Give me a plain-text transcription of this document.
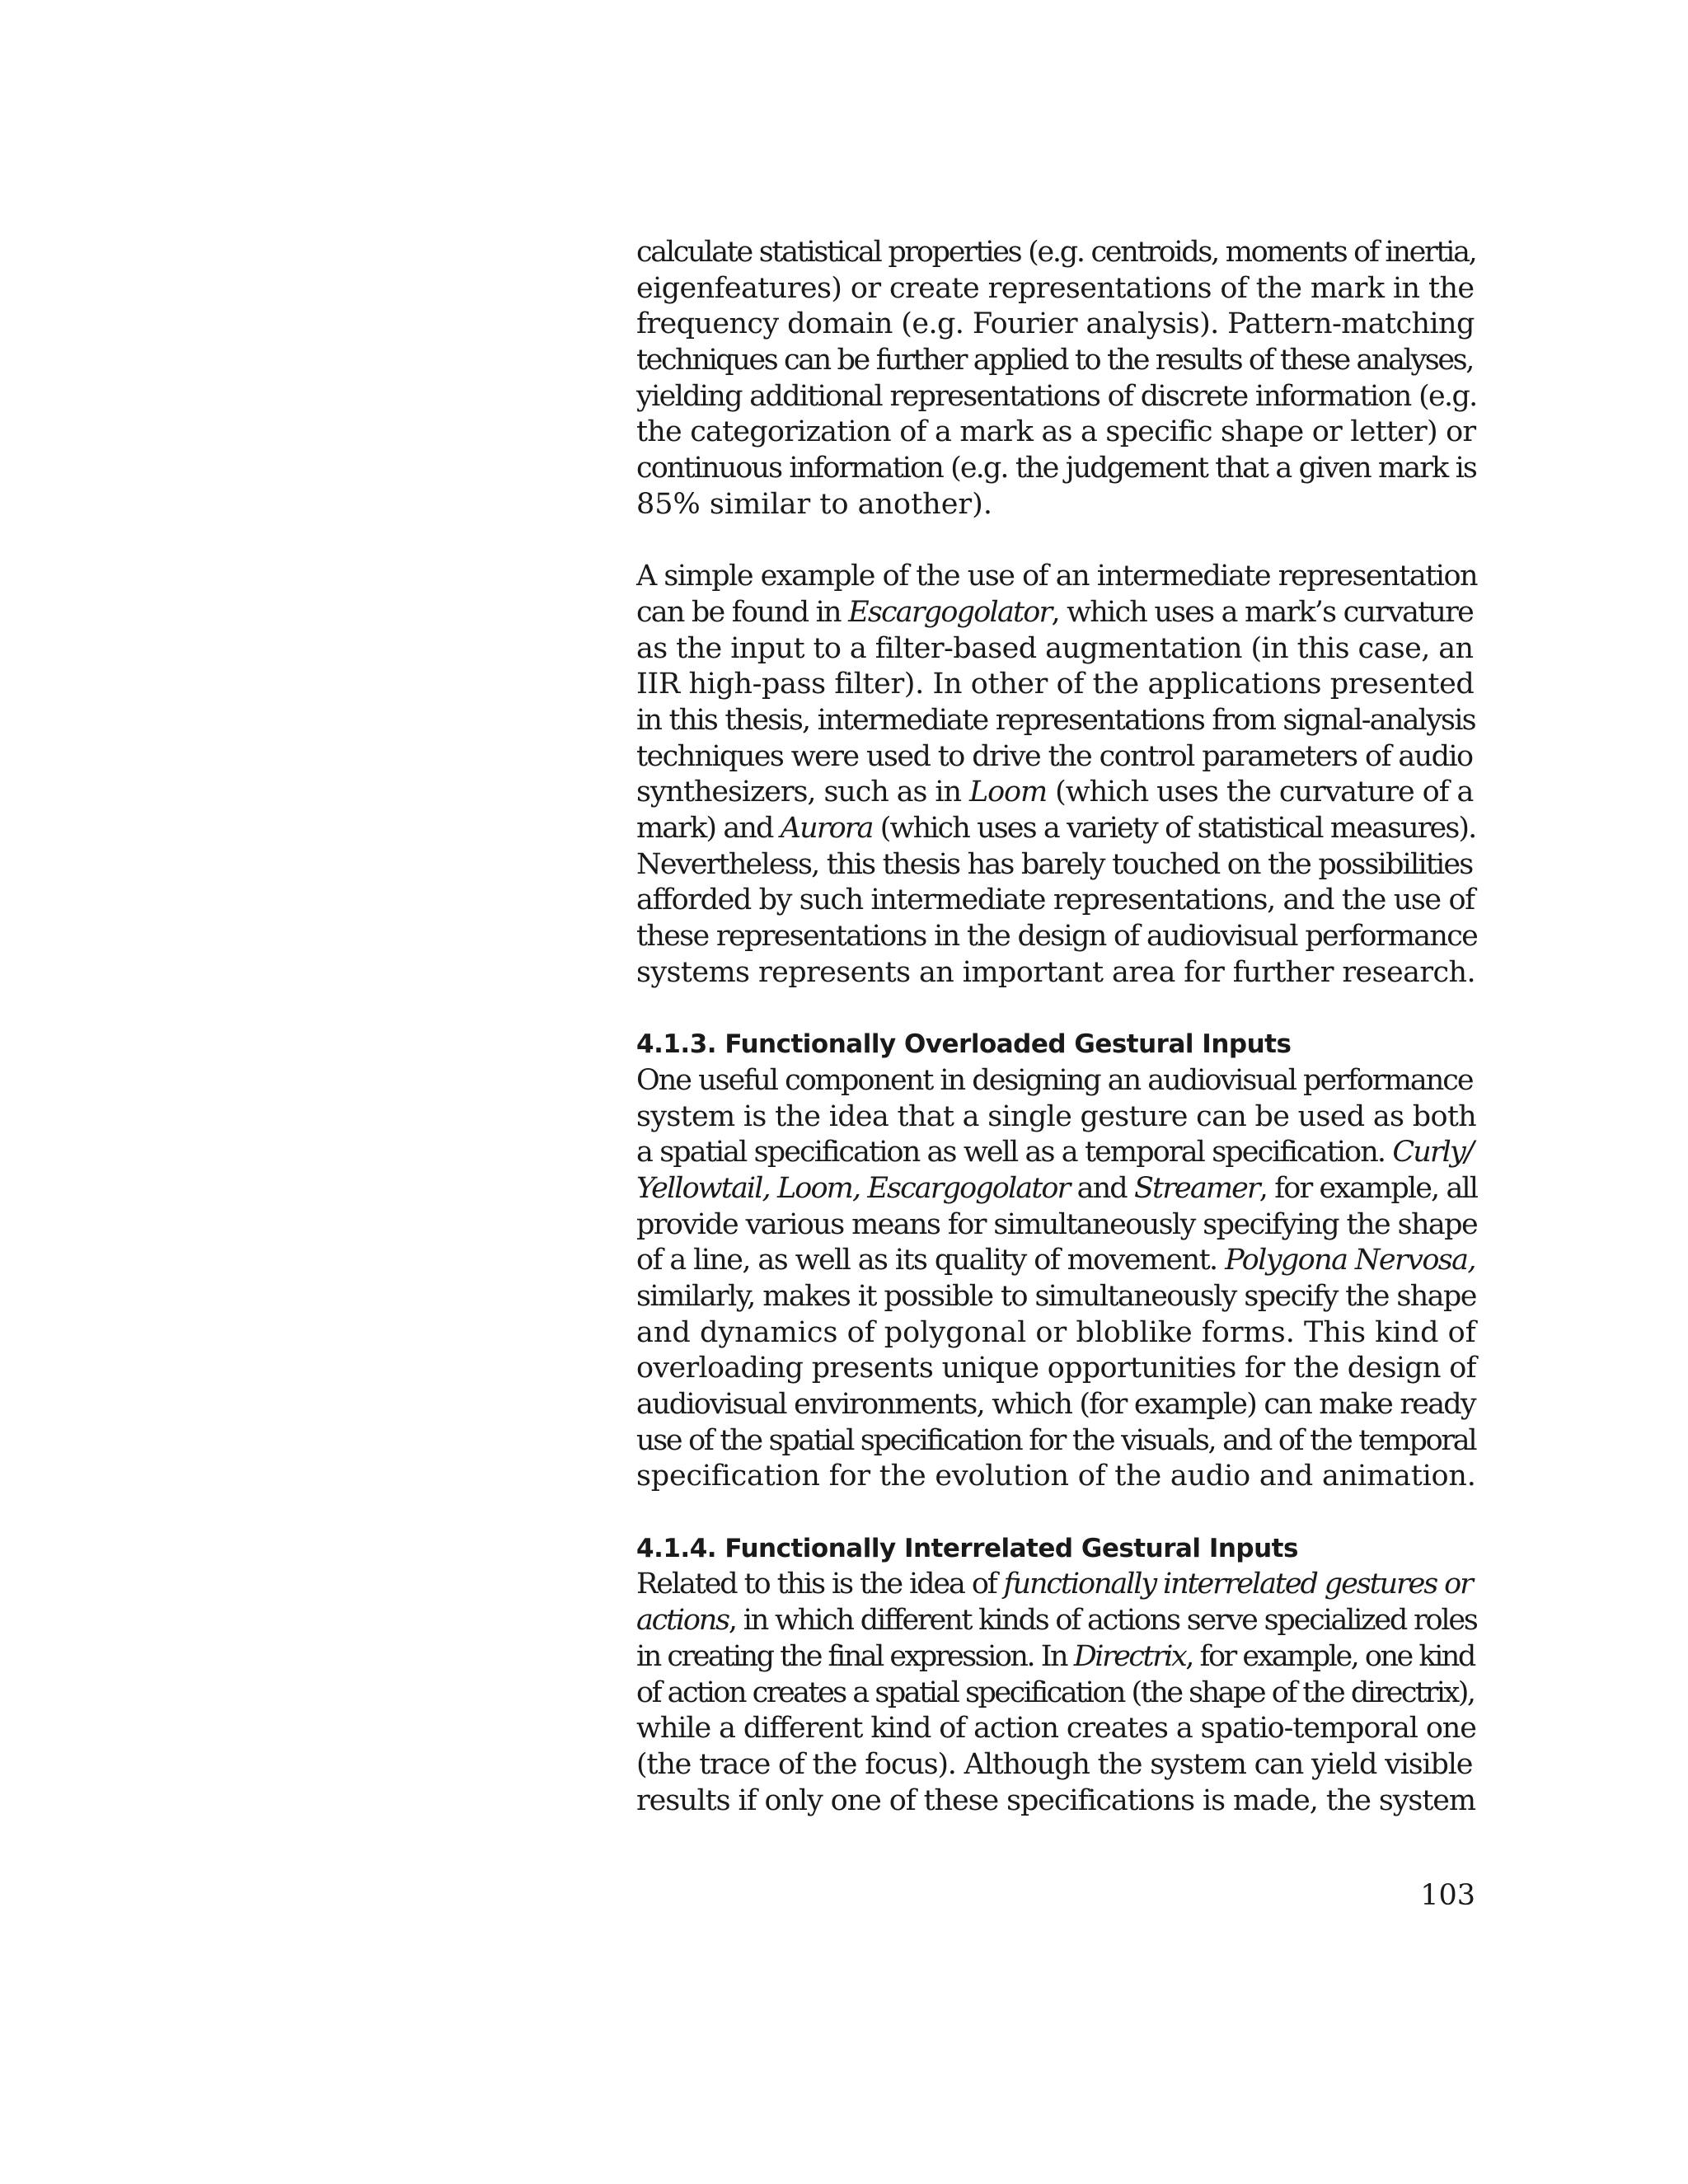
calculate statistical properties (e.g. centroids, moments of inertia,
eigenfeatures) or create representations of the mark in the
frequency domain (e.g. Fourier analysis). Pattern-matching
techniques can be further applied to the results of these analyses,
yielding additional representations of discrete information (e.g.
the categorization of a mark as a specific shape or letter) or
continuous information (e.g. the judgement that a given mark is
85% similar to another).
A simple example of the use of an intermediate representation
can be found in Escargogolator, which uses a mark’s curvature
as the input to a filter-based augmentation (in this case, an
IIR high-pass filter). In other of the applications presented
in this thesis, intermediate representations from signal-analysis
techniques were used to drive the control parameters of audio
synthesizers, such as in Loom (which uses the curvature of a
mark) and Aurora (which uses a variety of statistical measures).
Nevertheless, this thesis has barely touched on the possibilities
afforded by such intermediate representations, and the use of
these representations in the design of audiovisual performance
systems represents an important area for further research.
4.1.3. Functionally Overloaded Gestural Inputs
One useful component in designing an audiovisual performance
system is the idea that a single gesture can be used as both
a spatial specification as well as a temporal specification. Curly/
Yellowtail, Loom, Escargogolator and Streamer, for example, all
provide various means for simultaneously specifying the shape
of a line, as well as its quality of movement. Polygona Nervosa,
similarly, makes it possible to simultaneously specify the shape
and dynamics of polygonal or bloblike forms. This kind of
overloading presents unique opportunities for the design of
audiovisual environments, which (for example) can make ready
use of the spatial specification for the visuals, and of the temporal
specification for the evolution of the audio and animation.
4.1.4. Functionally Interrelated Gestural Inputs
Related to this is the idea of functionally interrelated gestures or
actions, in which different kinds of actions serve specialized roles
in creating the final expression. In Directrix, for example, one kind
of action creates a spatial specification (the shape of the directrix),
while a different kind of action creates a spatio-temporal one
(the trace of the focus). Although the system can yield visible
results if only one of these specifications is made, the system
103
